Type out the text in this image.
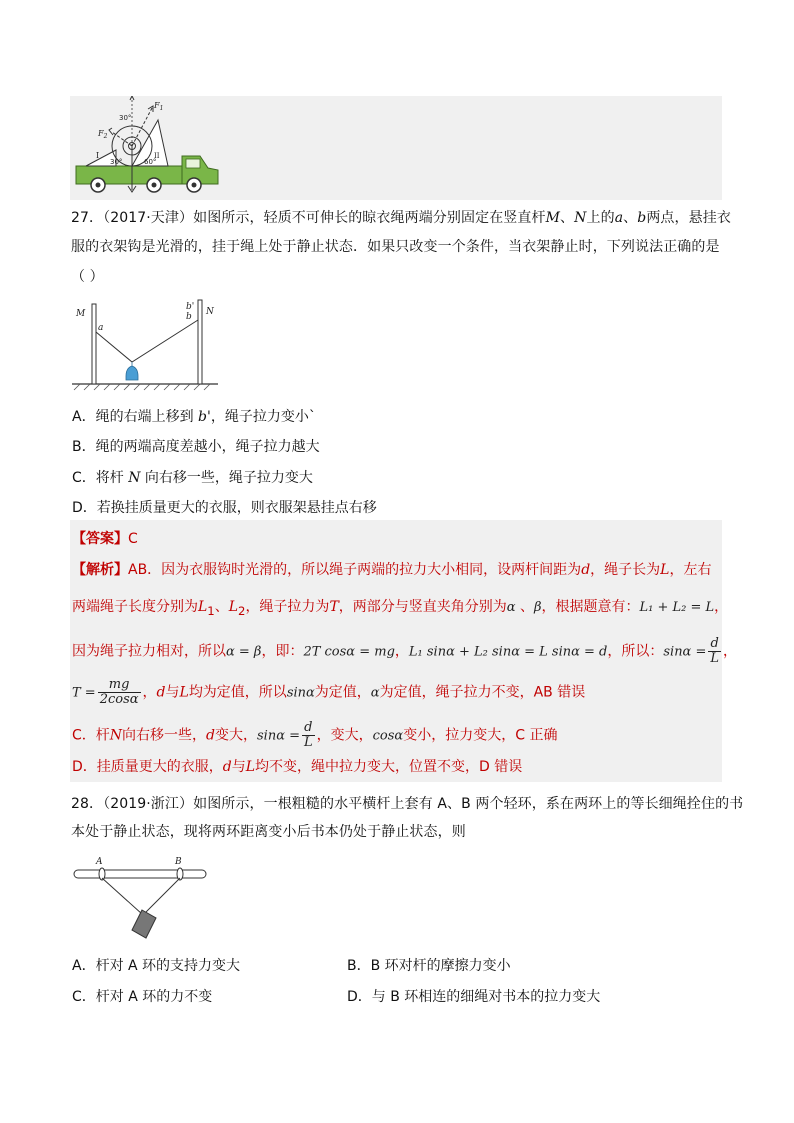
$F_1$
$F_2$
30°
30°	60°
I	II
27．（2017·天津）如图所示，轻质不可伸长的晾衣绳两端分别固定在竖直杆M、N上的a、b两点，悬挂衣
服的衣架钩是光滑的，挂于绳上处于静止状态．如果只改变一个条件，当衣架静止时，下列说法正确的是
（ ）
M	N
a
b'
b
A．绳的右端上移到 b'，绳子拉力变小`
B．绳的两端高度差越小，绳子拉力越大
C．将杆 N 向右移一些，绳子拉力变大
D．若换挂质量更大的衣服，则衣服架悬挂点右移
【答案】C
【解析】AB．因为衣服钩时光滑的，所以绳子两端的拉力大小相同，设两杆间距为d，绳子长为L，左右
两端绳子长度分别为$L_1$、$L_2$，绳子拉力为T，两部分与竖直夹角分别为α 、β，根据题意有：L₁ + L₂ = L，
因为绳子拉力相对，所以α = β，即：2T cosα = mg，L₁ sinα + L₂ sinα = L sinα = d，所以：$\sin\alpha = \frac{d}{L}$ ，
$T = \frac{mg}{2\cos\alpha}$ ，d与L均为定值，所以sinα为定值，α为定值，绳子拉力不变，AB 错误
C．杆N向右移一些，d变大，$\sin\alpha = \frac{d}{L}$ ，变大，cosα变小，拉力变大，C 正确
D．挂质量更大的衣服，d与L均不变，绳中拉力变大，位置不变，D 错误
28．（2019·浙江）如图所示，一根粗糙的水平横杆上套有 A、B 两个轻环，系在两环上的等长细绳拴住的书
本处于静止状态，现将两环距离变小后书本仍处于静止状态，则
A	B
A．杆对 A 环的支持力变大	B．B 环对杆的摩擦力变小
C．杆对 A 环的力不变	D．与 B 环相连的细绳对书本的拉力变大
